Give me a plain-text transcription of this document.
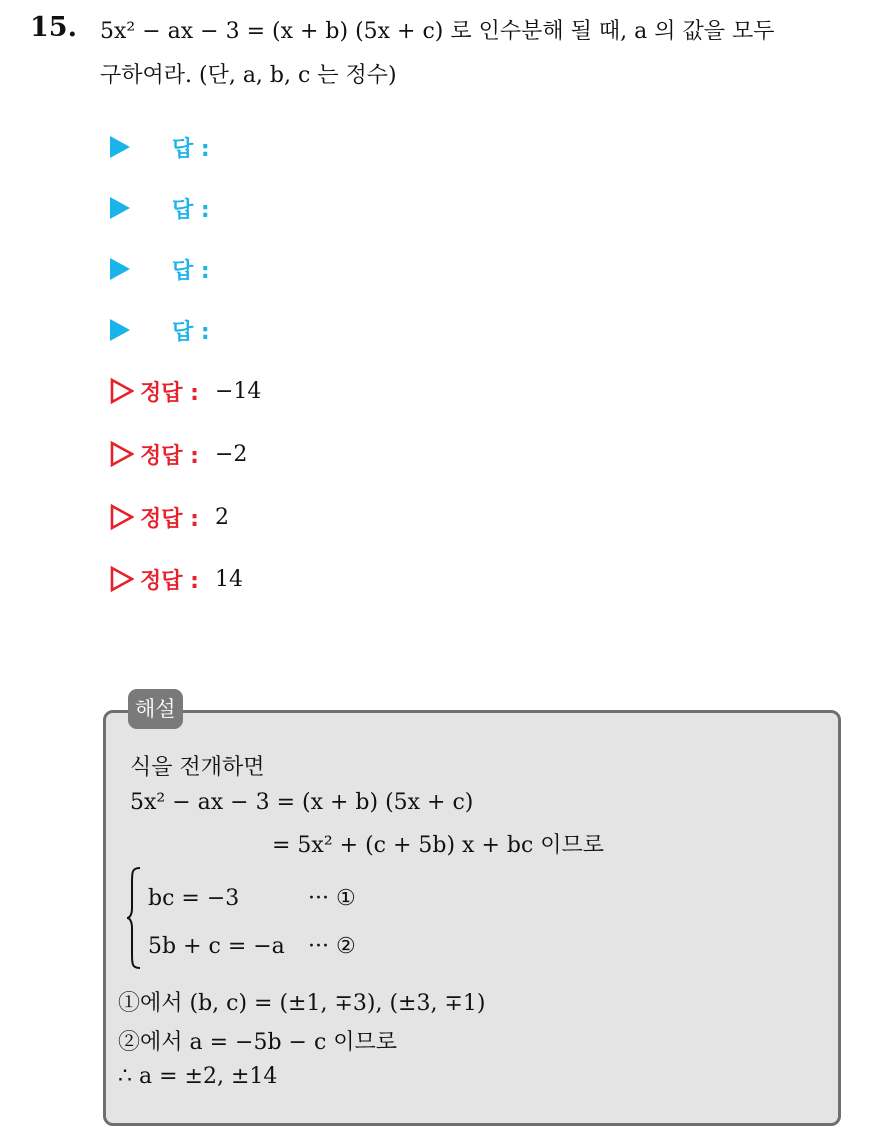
15. 5x² − ax − 3 = (x + b) (5x + c) 로 인수분해 될 때, a 의 값을 모두
구하여라. (단, a, b, c 는 정수)
답 :
답 :
답 :
답 :
정답 : −14
정답 : −2
정답 : 2
정답 : 14
해설
식을 전개하면
5x² − ax − 3 = (x + b) (5x + c)
= 5x² + (c + 5b) x + bc 이므로
bc = −3	··· ①
5b + c = −a ··· ②
①에서 (b, c) = (±1, ∓3), (±3, ∓1)
②에서 a = −5b − c 이므로
∴ a = ±2, ±14
